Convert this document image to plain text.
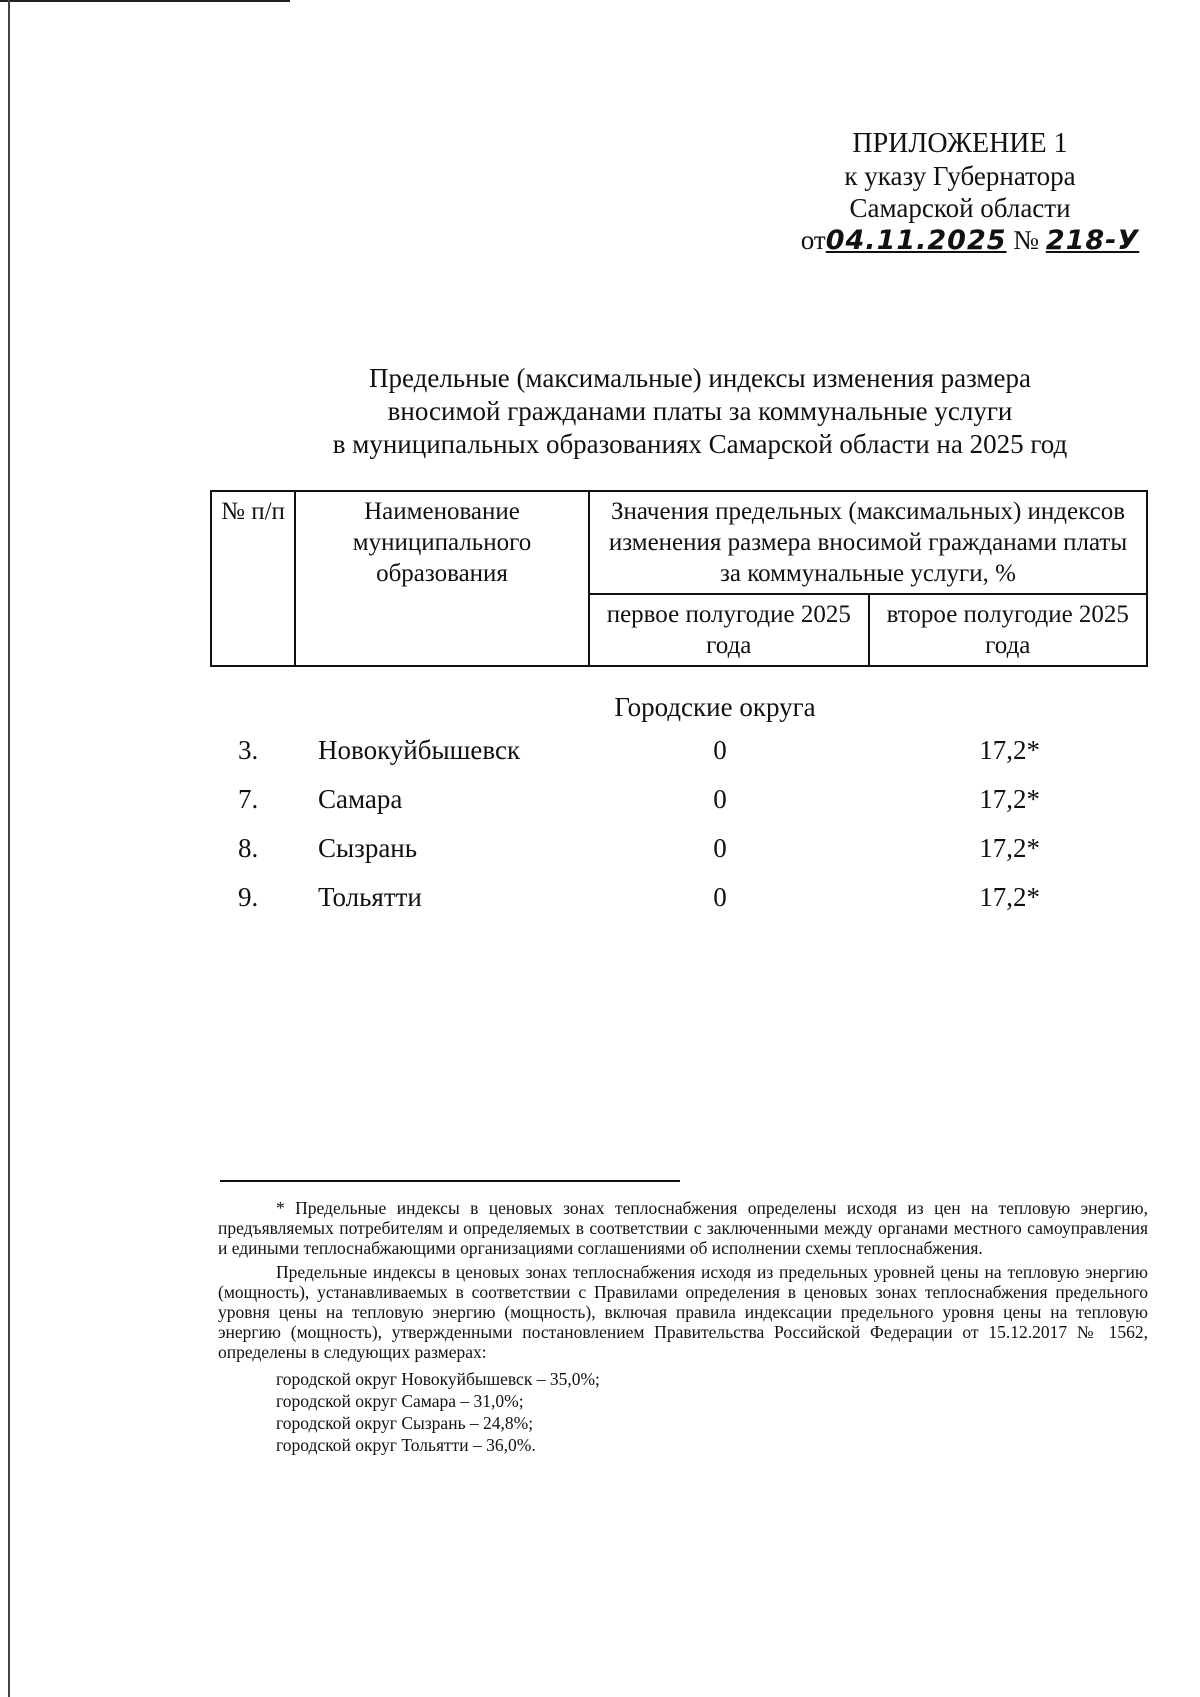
ПРИЛОЖЕНИЕ 1
к указу Губернатора
Самарской области
от04.11.2025 № 218-У
Предельные (максимальные) индексы изменения размера
вносимой гражданами платы за коммунальные услуги
в муниципальных образованиях Самарской области на 2025 год
№ п/п	Наименование муниципального образования	Значения предельных (максимальных) индексов изменения размера вносимой гражданами платы за коммунальные услуги, %	
		первое полугодие 2025 года	второе полугодие 2025 года
Городские округа
3. Новокуйбышевск	0	17,2*
7. Самара	0	17,2*
8. Сызрань	0	17,2*
9. Тольятти	0	17,2*

* Предельные индексы в ценовых зонах теплоснабжения определены исходя из цен на тепловую энергию, предъявляемых потребителям и определяемых в соответствии с заключенными между органами местного самоуправления и едиными теплоснабжающими организациями соглашениями об исполнении схемы теплоснабжения.

Предельные индексы в ценовых зонах теплоснабжения исходя из предельных уровней цены на тепловую энергию (мощность), устанавливаемых в соответствии с Правилами определения в ценовых зонах теплоснабжения предельного уровня цены на тепловую энергию (мощность), включая правила индексации предельного уровня цены на тепловую энергию (мощность), утвержденными постановлением Правительства Российской Федерации от 15.12.2017 № 1562, определены в следующих размерах:

городской округ Новокуйбышевск – 35,0%;
городской округ Самара – 31,0%;
городской округ Сызрань – 24,8%;
городской округ Тольятти – 36,0%.
